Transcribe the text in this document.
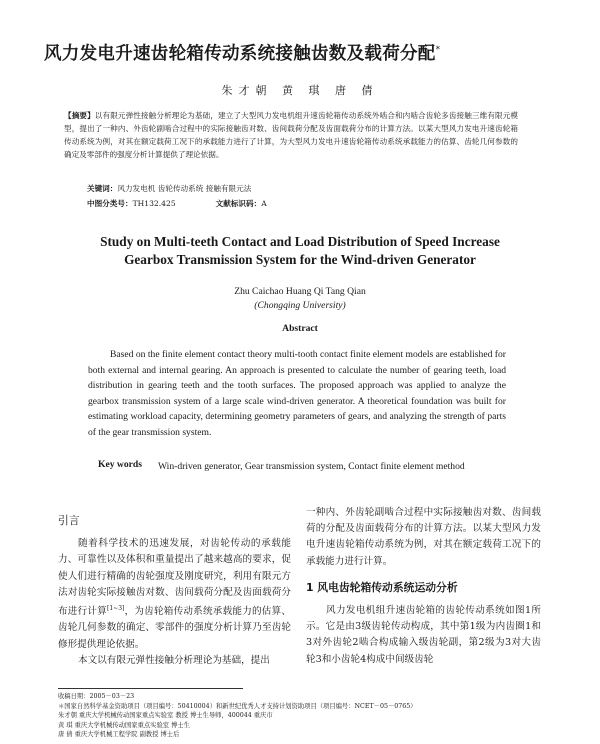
风力发电升速齿轮箱传动系统接触齿数及载荷分配*
朱才朝 黄 琪 唐 倩
【摘要】以有限元弹性接触分析理论为基础，建立了大型风力发电机组升速齿轮箱传动系统外啮合和内啮合齿轮多齿接触三维有限元模型，提出了一种内、外齿轮副啮合过程中的实际接触齿对数、齿间载荷分配及齿面载荷分布的计算方法。以某大型风力发电升速齿轮箱传动系统为例，对其在额定载荷工况下的承载能力进行了计算，为大型风力发电升速齿轮箱传动系统承载能力的估算、齿轮几何参数的确定及零部件的强度分析计算提供了理论依据。
关键词：风力发电机 齿轮传动系统 接触有限元法
中图分类号：TH132.425	文献标识码：A
Study on Multi-teeth Contact and Load Distribution of Speed Increase
Gearbox Transmission System for the Wind-driven Generator
Zhu Caichao Huang Qi Tang Qian
(Chongqing University)
Abstract
Based on the finite element contact theory multi-tooth contact finite element models are established for both external and internal gearing. An approach is presented to calculate the number of gearing teeth, load distribution in gearing teeth and the tooth surfaces. The proposed approach was applied to analyze the gearbox transmission system of a large scale wind-driven generator. A theoretical foundation was built for estimating workload capacity, determining geometry parameters of gears, and analyzing the strength of parts of the gear transmission system.
Key words Win-driven generator, Gear transmission system, Contact finite element method
引言

随着科学技术的迅速发展，对齿轮传动的承载能力、可靠性以及体积和重量提出了越来越高的要求，促使人们进行精确的齿轮强度及刚度研究，利用有限元方法对齿轮实际接触齿对数、齿间载荷分配及齿面载荷分布进行计算[1~3]，为齿轮箱传动系统承载能力的估算、齿轮几何参数的确定、零部件的强度分析计算乃至齿轮修形提供理论依据。

本文以有限元弹性接触分析理论为基础，提出

一种内、外齿轮副啮合过程中实际接触齿对数、齿间载荷的分配及齿面载荷分布的计算方法。以某大型风力发电升速齿轮箱传动系统为例，对其在额定载荷工况下的承载能力进行计算。

1 风电齿轮箱传动系统运动分析

风力发电机组升速齿轮箱的齿轮传动系统如图1所示。它是由3级齿轮传动构成，其中第1级为内齿圈1和3对外齿轮2啮合构成输入级齿轮副，第2级为3对大齿轮3和小齿轮4构成中间级齿轮

收稿日期：2005－03－23
＊国家自然科学基金资助项目（项目编号：50410004）和新世纪优秀人才支持计划资助项目（项目编号：NCET－05－0765）
朱才朝 重庆大学机械传动国家重点实验室 教授 博士生导师，400044 重庆市
黄 琪 重庆大学机械传动国家重点实验室 博士生
唐 倩 重庆大学机械工程学院 副教授 博士后
